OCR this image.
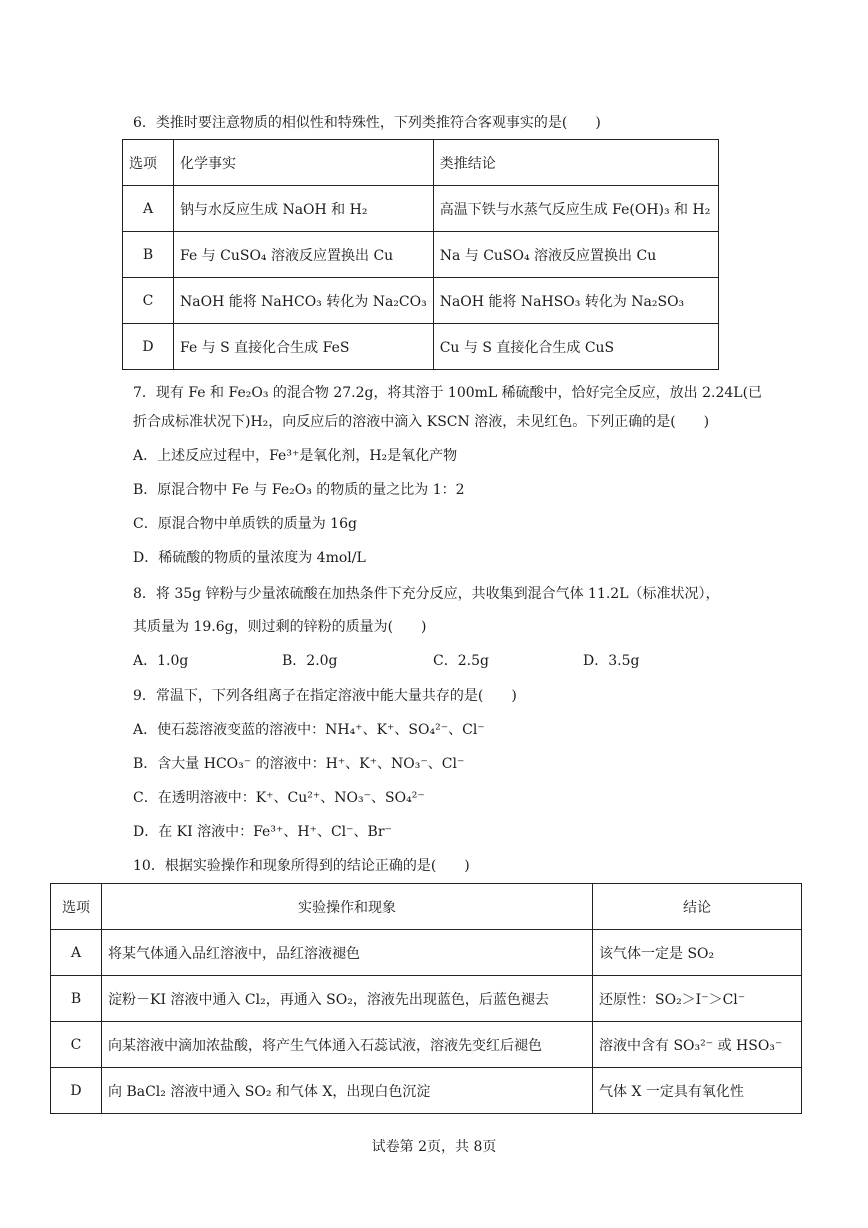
6．类推时要注意物质的相似性和特殊性，下列类推符合客观事实的是(　　)
选项	化学事实	类推结论
A	钠与水反应生成 NaOH 和 H₂	高温下铁与水蒸气反应生成 Fe(OH)₃ 和 H₂
B	Fe 与 CuSO₄ 溶液反应置换出 Cu	Na 与 CuSO₄ 溶液反应置换出 Cu
C	NaOH 能将 NaHCO₃ 转化为 Na₂CO₃	NaOH 能将 NaHSO₃ 转化为 Na₂SO₃
D	Fe 与 S 直接化合生成 FeS	Cu 与 S 直接化合生成 CuS
7．现有 Fe 和 Fe₂O₃ 的混合物 27.2g，将其溶于 100mL 稀硫酸中，恰好完全反应，放出 2.24L(已
折合成标准状况下)H₂，向反应后的溶液中滴入 KSCN 溶液，未见红色。下列正确的是(　　)
A．上述反应过程中，Fe³⁺是氧化剂，H₂是氧化产物
B．原混合物中 Fe 与 Fe₂O₃ 的物质的量之比为 1：2
C．原混合物中单质铁的质量为 16g
D．稀硫酸的物质的量浓度为 4mol/L
8．将 35g 锌粉与少量浓硫酸在加热条件下充分反应，共收集到混合气体 11.2L（标准状况），
其质量为 19.6g，则过剩的锌粉的质量为(　　)
A．1.0g	B．2.0g	C．2.5g	D．3.5g
9．常温下，下列各组离子在指定溶液中能大量共存的是(　　)
A．使石蕊溶液变蓝的溶液中：NH₄⁺、K⁺、SO₄²⁻、Cl⁻
B．含大量 HCO₃⁻ 的溶液中：H⁺、K⁺、NO₃⁻、Cl⁻
C．在透明溶液中：K⁺、Cu²⁺、NO₃⁻、SO₄²⁻
D．在 KI 溶液中：Fe³⁺、H⁺、Cl⁻、Br⁻
10．根据实验操作和现象所得到的结论正确的是(　　)
选项	实验操作和现象	结论
A	将某气体通入品红溶液中，品红溶液褪色	该气体一定是 SO₂
B	淀粉－KI 溶液中通入 Cl₂，再通入 SO₂，溶液先出现蓝色，后蓝色褪去	还原性：SO₂＞I⁻＞Cl⁻
C	向某溶液中滴加浓盐酸，将产生气体通入石蕊试液，溶液先变红后褪色	溶液中含有 SO₃²⁻ 或 HSO₃⁻
D	向 BaCl₂ 溶液中通入 SO₂ 和气体 X，出现白色沉淀	气体 X 一定具有氧化性
试卷第 2页，共 8页
